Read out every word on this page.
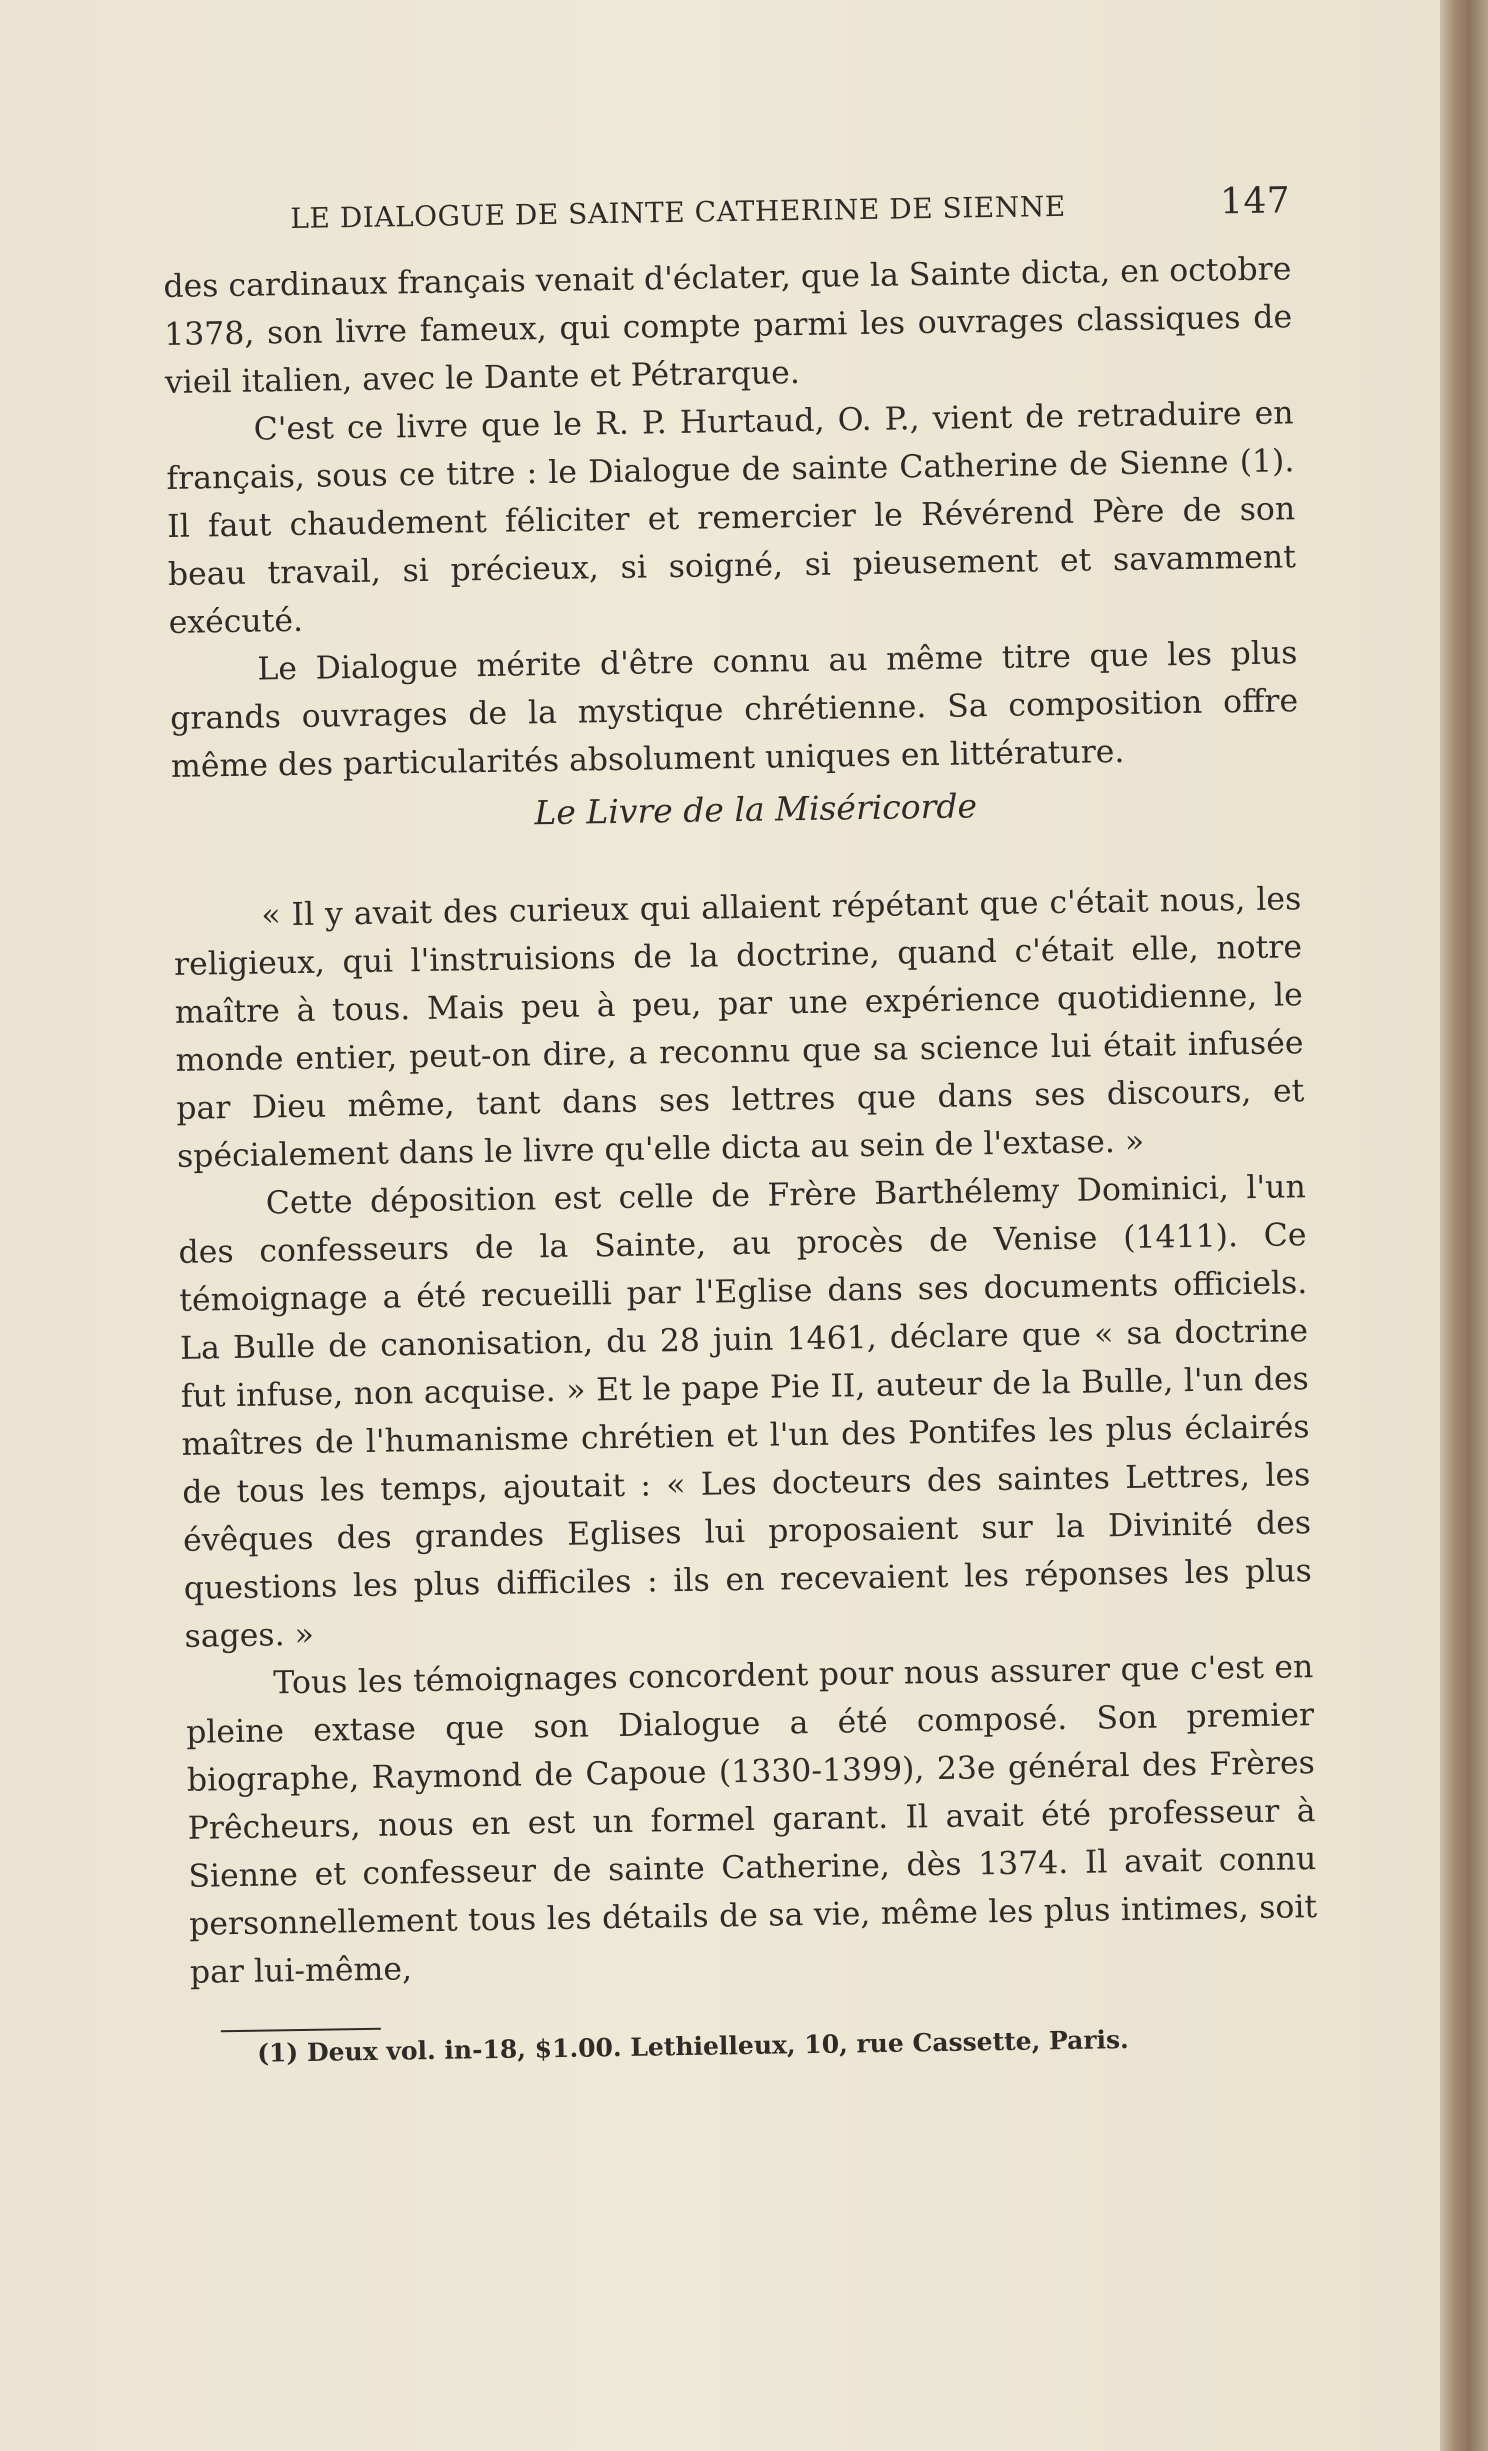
LE DIALOGUE DE SAINTE CATHERINE DE SIENNE	147

des cardinaux français venait d'éclater, que la Sainte dicta, en octobre 1378, son livre fameux, qui compte parmi les ouvrages classiques de vieil italien, avec le Dante et Pétrarque.

C'est ce livre que le R. P. Hurtaud, O. P., vient de retraduire en français, sous ce titre : le Dialogue de sainte Catherine de Sienne (1). Il faut chaudement féliciter et remercier le Révérend Père de son beau travail, si précieux, si soigné, si pieusement et savamment exécuté.

Le Dialogue mérite d'être connu au même titre que les plus grands ouvrages de la mystique chrétienne. Sa composition offre même des particularités absolument uniques en littérature.

Le Livre de la Miséricorde

« Il y avait des curieux qui allaient répétant que c'était nous, les religieux, qui l'instruisions de la doctrine, quand c'était elle, notre maître à tous. Mais peu à peu, par une expérience quotidienne, le monde entier, peut-on dire, a reconnu que sa science lui était infusée par Dieu même, tant dans ses lettres que dans ses discours, et spécialement dans le livre qu'elle dicta au sein de l'extase. »

Cette déposition est celle de Frère Barthélemy Dominici, l'un des confesseurs de la Sainte, au procès de Venise (1411). Ce témoignage a été recueilli par l'Eglise dans ses documents officiels. La Bulle de canonisation, du 28 juin 1461, déclare que « sa doctrine fut infuse, non acquise. » Et le pape Pie II, auteur de la Bulle, l'un des maîtres de l'humanisme chrétien et l'un des Pontifes les plus éclairés de tous les temps, ajoutait : « Les docteurs des saintes Lettres, les évêques des grandes Eglises lui proposaient sur la Divinité des questions les plus difficiles : ils en recevaient les réponses les plus sages. »

Tous les témoignages concordent pour nous assurer que c'est en pleine extase que son Dialogue a été composé. Son premier biographe, Raymond de Capoue (1330-1399), 23e général des Frères Prêcheurs, nous en est un formel garant. Il avait été professeur à Sienne et confesseur de sainte Catherine, dès 1374. Il avait connu personnellement tous les détails de sa vie, même les plus intimes, soit par lui-même,

(1) Deux vol. in-18, $1.00. Lethielleux, 10, rue Cassette, Paris.
